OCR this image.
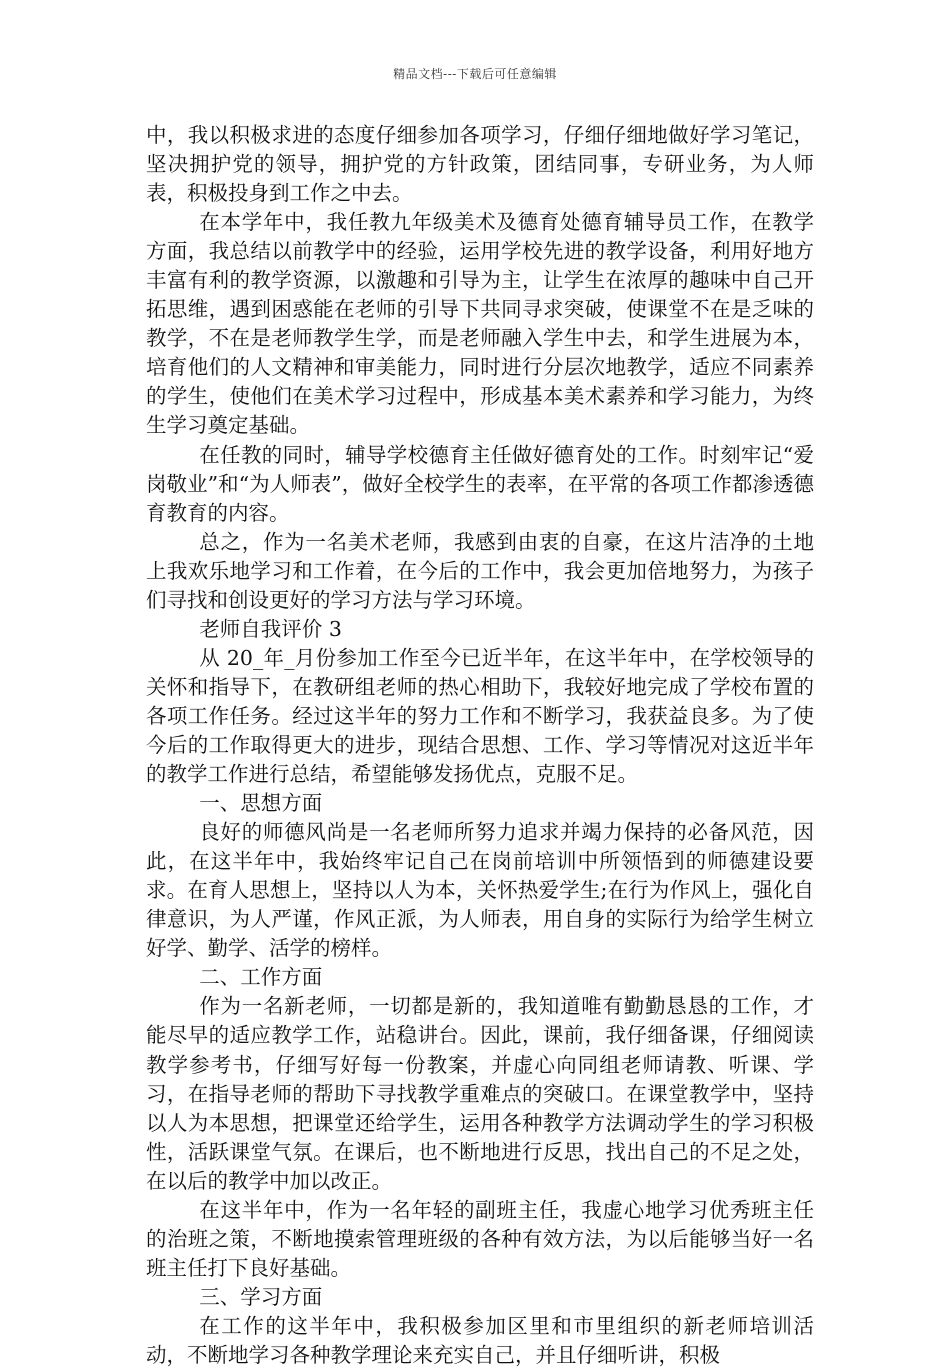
精品文档---下载后可任意编辑

中，我以积极求进的态度仔细参加各项学习，仔细仔细地做好学习笔记，坚决拥护党的领导，拥护党的方针政策，团结同事，专研业务，为人师表，积极投身到工作之中去。

在本学年中，我任教九年级美术及德育处德育辅导员工作，在教学方面，我总结以前教学中的经验，运用学校先进的教学设备，利用好地方丰富有利的教学资源，以激趣和引导为主，让学生在浓厚的趣味中自己开拓思维，遇到困惑能在老师的引导下共同寻求突破，使课堂不在是乏味的教学，不在是老师教学生学，而是老师融入学生中去，和学生进展为本，培育他们的人文精神和审美能力，同时进行分层次地教学，适应不同素养的学生，使他们在美术学习过程中，形成基本美术素养和学习能力，为终生学习奠定基础。

在任教的同时，辅导学校德育主任做好德育处的工作。时刻牢记“爱岗敬业”和“为人师表”，做好全校学生的表率，在平常的各项工作都渗透德育教育的内容。

总之，作为一名美术老师，我感到由衷的自豪，在这片洁净的土地上我欢乐地学习和工作着，在今后的工作中，我会更加倍地努力，为孩子们寻找和创设更好的学习方法与学习环境。

老师自我评价 3

从 20_年_月份参加工作至今已近半年，在这半年中，在学校领导的关怀和指导下，在教研组老师的热心相助下，我较好地完成了学校布置的各项工作任务。经过这半年的努力工作和不断学习，我获益良多。为了使今后的工作取得更大的进步，现结合思想、工作、学习等情况对这近半年的教学工作进行总结，希望能够发扬优点，克服不足。

一、思想方面

良好的师德风尚是一名老师所努力追求并竭力保持的必备风范，因此，在这半年中，我始终牢记自己在岗前培训中所领悟到的师德建设要求。在育人思想上，坚持以人为本，关怀热爱学生;在行为作风上，强化自律意识，为人严谨，作风正派，为人师表，用自身的实际行为给学生树立好学、勤学、活学的榜样。

二、工作方面

作为一名新老师，一切都是新的，我知道唯有勤勤恳恳的工作，才能尽早的适应教学工作，站稳讲台。因此，课前，我仔细备课，仔细阅读教学参考书，仔细写好每一份教案，并虚心向同组老师请教、听课、学习，在指导老师的帮助下寻找教学重难点的突破口。在课堂教学中，坚持以人为本思想，把课堂还给学生，运用各种教学方法调动学生的学习积极性，活跃课堂气氛。在课后，也不断地进行反思，找出自己的不足之处，在以后的教学中加以改正。

在这半年中，作为一名年轻的副班主任，我虚心地学习优秀班主任的治班之策，不断地摸索管理班级的各种有效方法，为以后能够当好一名班主任打下良好基础。

三、学习方面

在工作的这半年中，我积极参加区里和市里组织的新老师培训活动，不断地学习各种教学理论来充实自己，并且仔细听讲，积极
